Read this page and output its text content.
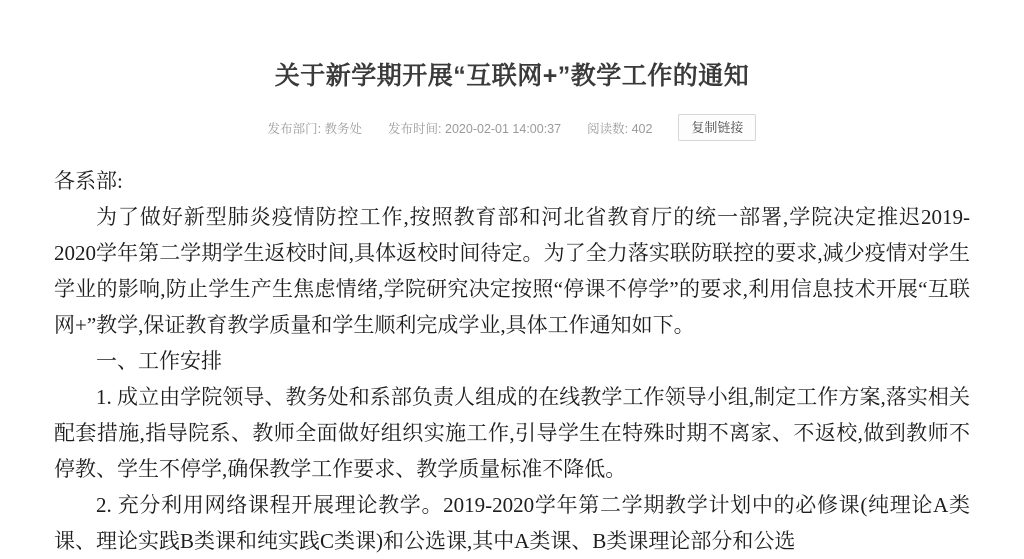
关于新学期开展“互联网+”教学工作的通知
发布部门: 教务处 发布时间: 2020-02-01 14:00:37 阅读数: 402	复制链接

各系部:

为了做好新型肺炎疫情防控工作,按照教育部和河北省教育厅的统一部署,学院决定推迟2019-2020学年第二学期学生返校时间,具体返校时间待定。为了全力落实联防联控的要求,减少疫情对学生学业的影响,防止学生产生焦虑情绪,学院研究决定按照“停课不停学”的要求,利用信息技术开展“互联网+”教学,保证教育教学质量和学生顺利完成学业,具体工作通知如下。

一、工作安排

1. 成立由学院领导、教务处和系部负责人组成的在线教学工作领导小组,制定工作方案,落实相关配套措施,指导院系、教师全面做好组织实施工作,引导学生在特殊时期不离家、不返校,做到教师不停教、学生不停学,确保教学工作要求、教学质量标准不降低。

2. 充分利用网络课程开展理论教学。2019-2020学年第二学期教学计划中的必修课(纯理论A类课、理论实践B类课和纯实践C类课)和公选课,其中A类课、B类课理论部分和公选
